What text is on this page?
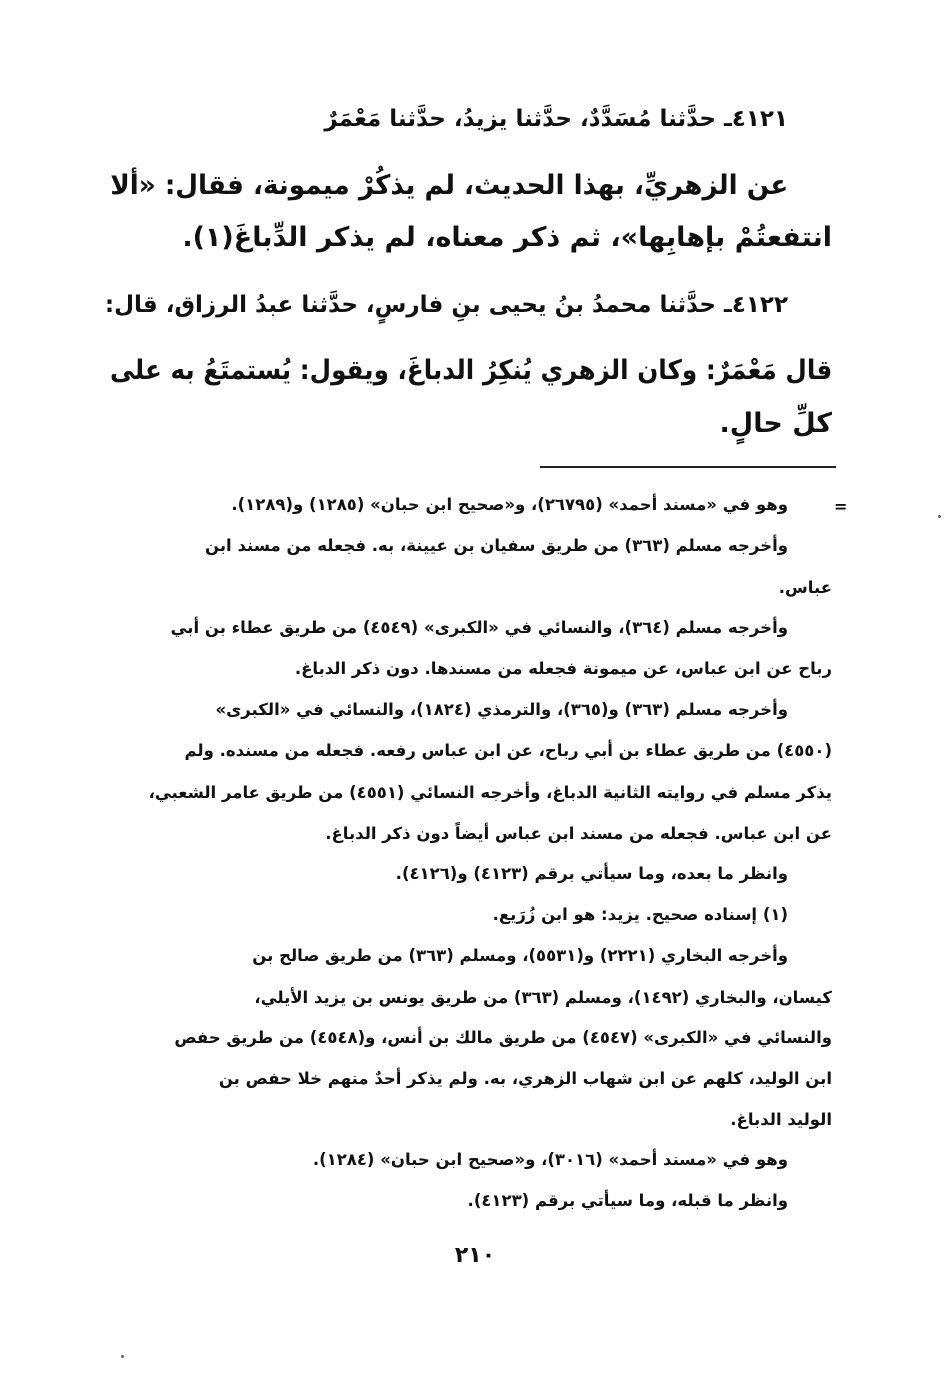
٤١٢١ـ حدَّثنا مُسَدَّدٌ، حدَّثنا يزيدُ، حدَّثنا مَعْمَرٌ
عن الزهريِّ، بهذا الحديث، لم يذكُرْ ميمونة، فقال: «ألا
انتفعتُمْ بإهابِها»، ثم ذكر معناه، لم يذكر الدِّباغَ(١).
٤١٢٢ـ حدَّثنا محمدُ بنُ يحيى بنِ فارسٍ، حدَّثنا عبدُ الرزاق، قال:
قال مَعْمَرٌ: وكان الزهري يُنكِرُ الدباغَ، ويقول: يُستمتَعُ به على
كلِّ حالٍ.
=
وهو في «مسند أحمد» (٢٦٧٩٥)، و«صحيح ابن حبان» (١٢٨٥) و(١٢٨٩).
وأخرجه مسلم (٣٦٣) من طريق سفيان بن عيينة، به. فجعله من مسند ابن
عباس.
وأخرجه مسلم (٣٦٤)، والنسائي في «الكبرى» (٤٥٤٩) من طريق عطاء بن أبي
رباح عن ابن عباس، عن ميمونة فجعله من مسندها. دون ذكر الدباغ.
وأخرجه مسلم (٣٦٣) و(٣٦٥)، والترمذي (١٨٢٤)، والنسائي في «الكبرى»
(٤٥٥٠) من طريق عطاء بن أبي رباح، عن ابن عباس رفعه. فجعله من مسنده. ولم
يذكر مسلم في روايته الثانية الدباغ، وأخرجه النسائي (٤٥٥١) من طريق عامر الشعبي،
عن ابن عباس. فجعله من مسند ابن عباس أيضاً دون ذكر الدباغ.
وانظر ما بعده، وما سيأتي برقم (٤١٢٣) و(٤١٢٦).
(١) إسناده صحيح. يزيد: هو ابن زُرَيع.
وأخرجه البخاري (٢٢٢١) و(٥٥٣١)، ومسلم (٣٦٣) من طريق صالح بن
كيسان، والبخاري (١٤٩٢)، ومسلم (٣٦٣) من طريق يونس بن يزيد الأيلي،
والنسائي في «الكبرى» (٤٥٤٧) من طريق مالك بن أنس، و(٤٥٤٨) من طريق حفص
ابن الوليد، كلهم عن ابن شهاب الزهري، به. ولم يذكر أحدٌ منهم خلا حفص بن
الوليد الدباغ.
وهو في «مسند أحمد» (٣٠١٦)، و«صحيح ابن حبان» (١٢٨٤).
وانظر ما قبله، وما سيأتي برقم (٤١٢٣).
٢١٠
